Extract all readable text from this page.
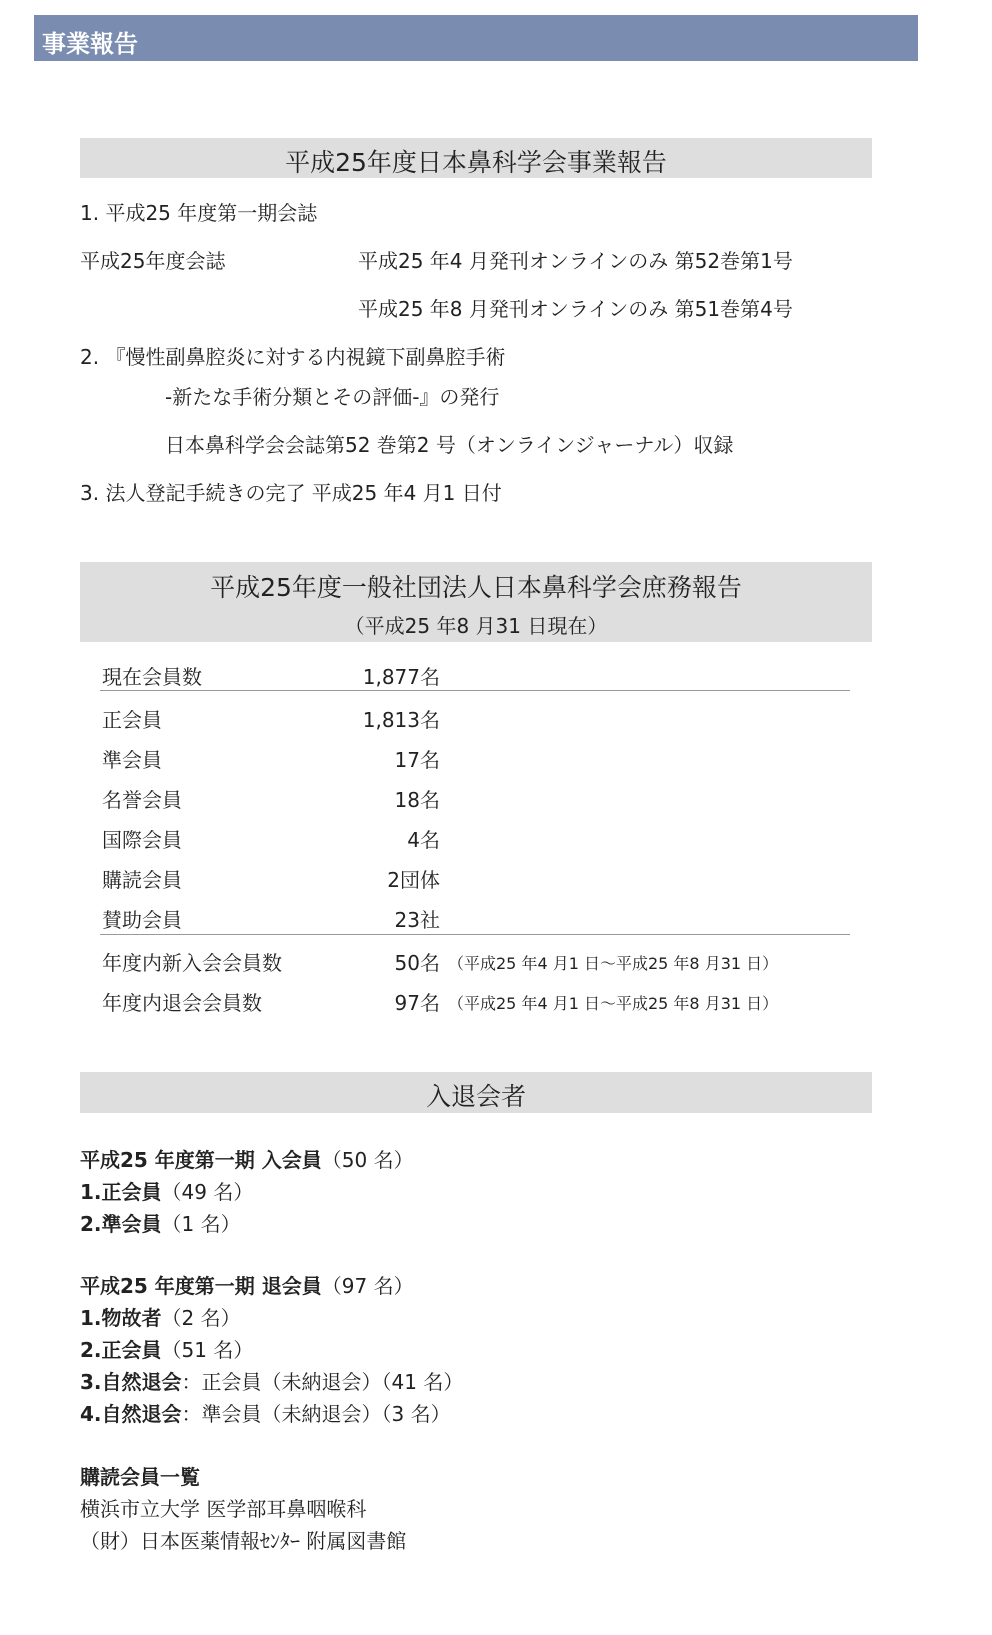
事業報告
平成25年度日本鼻科学会事業報告
1. 平成25 年度第一期会誌
平成25年度会誌	平成25 年4 月発刊オンラインのみ 第52巻第1号
平成25 年8 月発刊オンラインのみ 第51巻第4号
2. 『慢性副鼻腔炎に対する内視鏡下副鼻腔手術
-新たな手術分類とその評価-』の発行
日本鼻科学会会誌第52 巻第2 号（オンラインジャーナル）収録
3. 法人登記手続きの完了 平成25 年4 月1 日付
平成25年度一般社団法人日本鼻科学会庶務報告
（平成25 年8 月31 日現在）
現在会員数	1,877名
正会員	1,813名
準会員	17名
名誉会員	18名
国際会員	4名
購読会員	2団体
賛助会員	23社
年度内新入会会員数	50名 （平成25 年4 月1 日～平成25 年8 月31 日）
年度内退会会員数	97名 （平成25 年4 月1 日～平成25 年8 月31 日）
入退会者
平成25 年度第一期 入会員（50 名）
1.正会員（49 名）
2.準会員（1 名）
平成25 年度第一期 退会員（97 名）
1.物故者（2 名）
2.正会員（51 名）
3.自然退会：正会員（未納退会）（41 名）
4.自然退会：準会員（未納退会）（3 名）
購読会員一覧
横浜市立大学 医学部耳鼻咽喉科
（財）日本医薬情報ｾﾝﾀｰ 附属図書館
